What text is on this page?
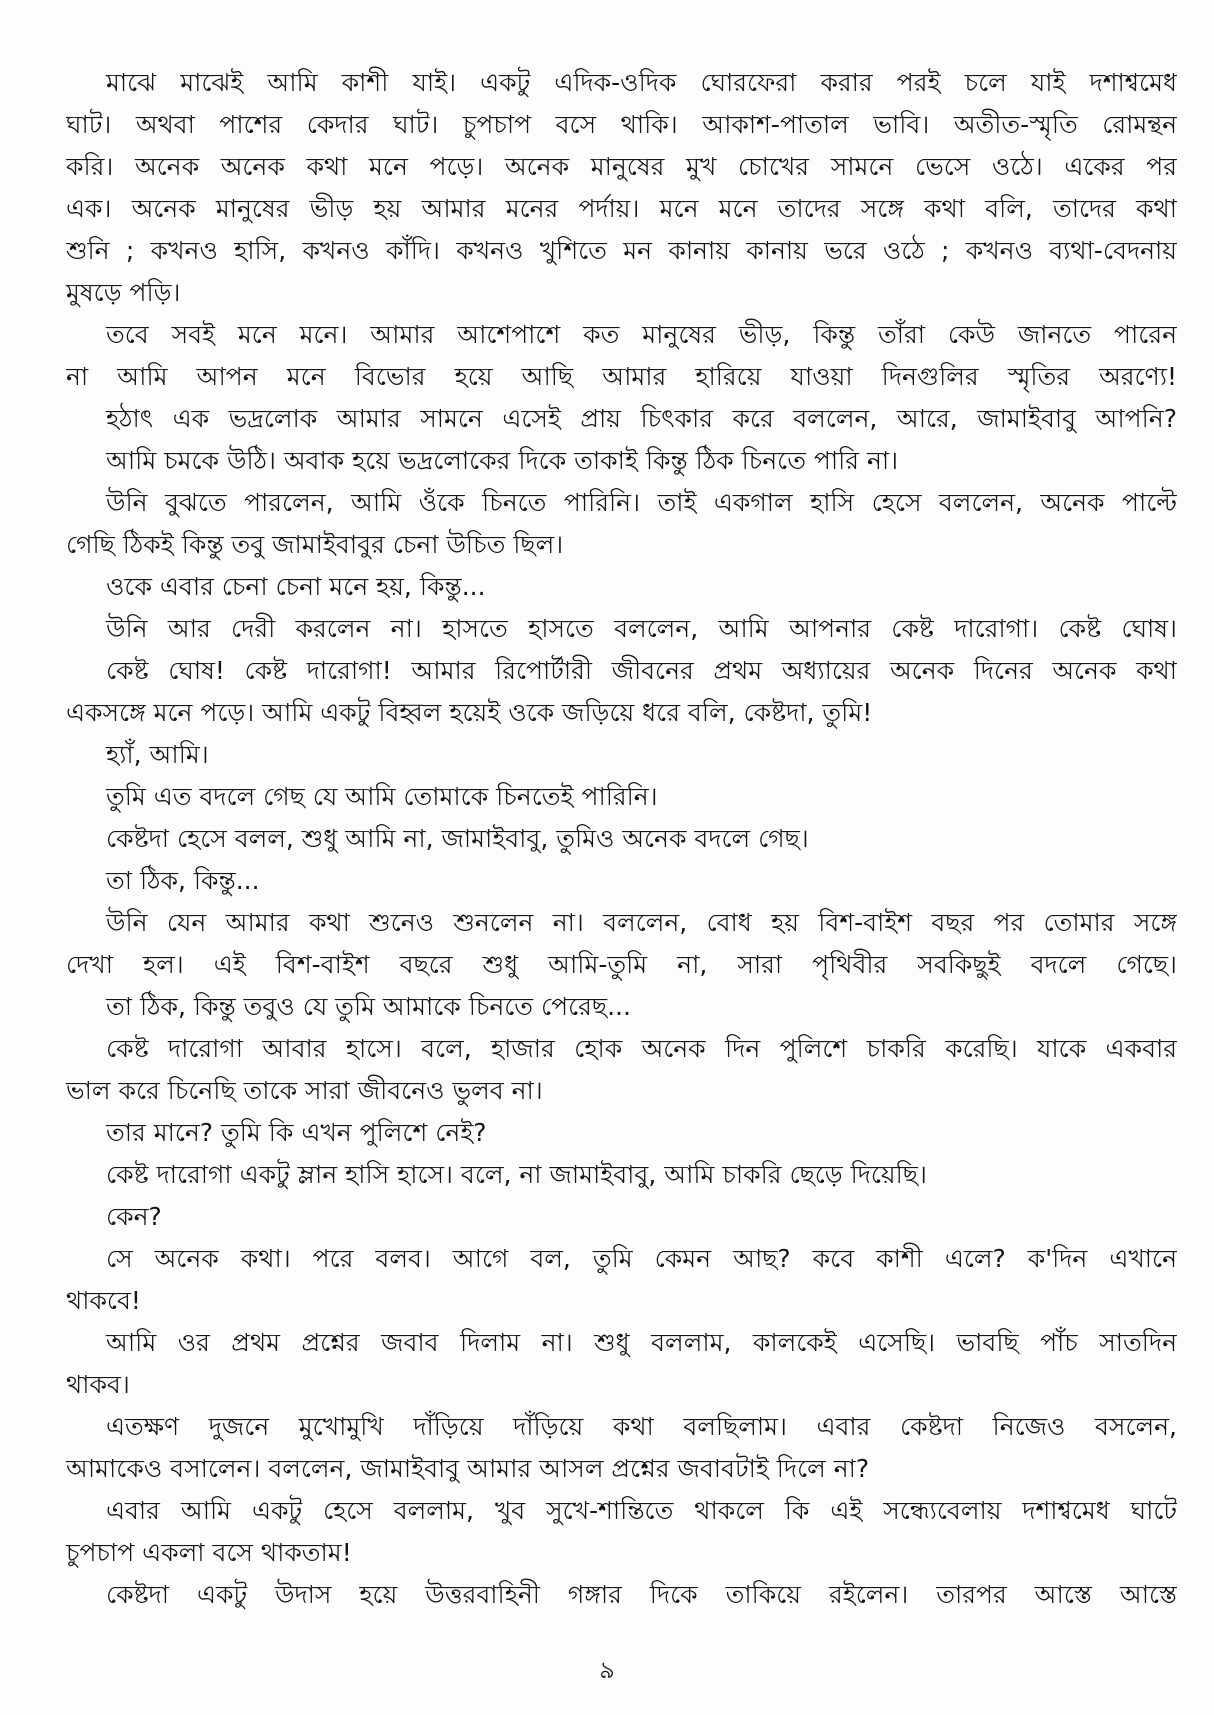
মাঝে মাঝেই আমি কাশী যাই। একটু এদিক-ওদিক ঘোরফেরা করার পরই চলে যাই দশাশ্বমেধ
ঘাট। অথবা পাশের কেদার ঘাট। চুপচাপ বসে থাকি। আকাশ-পাতাল ভাবি। অতীত-স্মৃতি রোমন্থন
করি। অনেক অনেক কথা মনে পড়ে। অনেক মানুষের মুখ চোখের সামনে ভেসে ওঠে। একের পর
এক। অনেক মানুষের ভীড় হয় আমার মনের পর্দায়। মনে মনে তাদের সঙ্গে কথা বলি, তাদের কথা
শুনি ; কখনও হাসি, কখনও কাঁদি। কখনও খুশিতে মন কানায় কানায় ভরে ওঠে ; কখনও ব্যথা-বেদনায়
মুষড়ে পড়ি।
তবে সবই মনে মনে। আমার আশেপাশে কত মানুষের ভীড়, কিন্তু তাঁরা কেউ জানতে পারেন
না আমি আপন মনে বিভোর হয়ে আছি আমার হারিয়ে যাওয়া দিনগুলির স্মৃতির অরণ্যে!
হঠাৎ এক ভদ্রলোক আমার সামনে এসেই প্রায় চিৎকার করে বললেন, আরে, জামাইবাবু আপনি?
আমি চমকে উঠি। অবাক হয়ে ভদ্রলোকের দিকে তাকাই কিন্তু ঠিক চিনতে পারি না।
উনি বুঝতে পারলেন, আমি ওঁকে চিনতে পারিনি। তাই একগাল হাসি হেসে বললেন, অনেক পাল্টে
গেছি ঠিকই কিন্তু তবু জামাইবাবুর চেনা উচিত ছিল।
ওকে এবার চেনা চেনা মনে হয়, কিন্তু...
উনি আর দেরী করলেন না। হাসতে হাসতে বললেন, আমি আপনার কেষ্ট দারোগা। কেষ্ট ঘোষ।
কেষ্ট ঘোষ! কেষ্ট দারোগা! আমার রিপোর্টারী জীবনের প্রথম অধ্যায়ের অনেক দিনের অনেক কথা
একসঙ্গে মনে পড়ে। আমি একটু বিহ্বল হয়েই ওকে জড়িয়ে ধরে বলি, কেষ্টদা, তুমি!
হ্যাঁ, আমি।
তুমি এত বদলে গেছ যে আমি তোমাকে চিনতেই পারিনি।
কেষ্টদা হেসে বলল, শুধু আমি না, জামাইবাবু, তুমিও অনেক বদলে গেছ।
তা ঠিক, কিন্তু...
উনি যেন আমার কথা শুনেও শুনলেন না। বললেন, বোধ হয় বিশ-বাইশ বছর পর তোমার সঙ্গে
দেখা হল। এই বিশ-বাইশ বছরে শুধু আমি-তুমি না, সারা পৃথিবীর সবকিছুই বদলে গেছে।
তা ঠিক, কিন্তু তবুও যে তুমি আমাকে চিনতে পেরেছ...
কেষ্ট দারোগা আবার হাসে। বলে, হাজার হোক অনেক দিন পুলিশে চাকরি করেছি। যাকে একবার
ভাল করে চিনেছি তাকে সারা জীবনেও ভুলব না।
তার মানে? তুমি কি এখন পুলিশে নেই?
কেষ্ট দারোগা একটু ম্লান হাসি হাসে। বলে, না জামাইবাবু, আমি চাকরি ছেড়ে দিয়েছি।
কেন?
সে অনেক কথা। পরে বলব। আগে বল, তুমি কেমন আছ? কবে কাশী এলে? ক'দিন এখানে
থাকবে!
আমি ওর প্রথম প্রশ্নের জবাব দিলাম না। শুধু বললাম, কালকেই এসেছি। ভাবছি পাঁচ সাতদিন
থাকব।
এতক্ষণ দুজনে মুখোমুখি দাঁড়িয়ে দাঁড়িয়ে কথা বলছিলাম। এবার কেষ্টদা নিজেও বসলেন,
আমাকেও বসালেন। বললেন, জামাইবাবু আমার আসল প্রশ্নের জবাবটাই দিলে না?
এবার আমি একটু হেসে বললাম, খুব সুখে-শান্তিতে থাকলে কি এই সন্ধ্যেবেলায় দশাশ্বমেধ ঘাটে
চুপচাপ একলা বসে থাকতাম!
কেষ্টদা একটু উদাস হয়ে উত্তরবাহিনী গঙ্গার দিকে তাকিয়ে রইলেন। তারপর আস্তে আস্তে
৯
